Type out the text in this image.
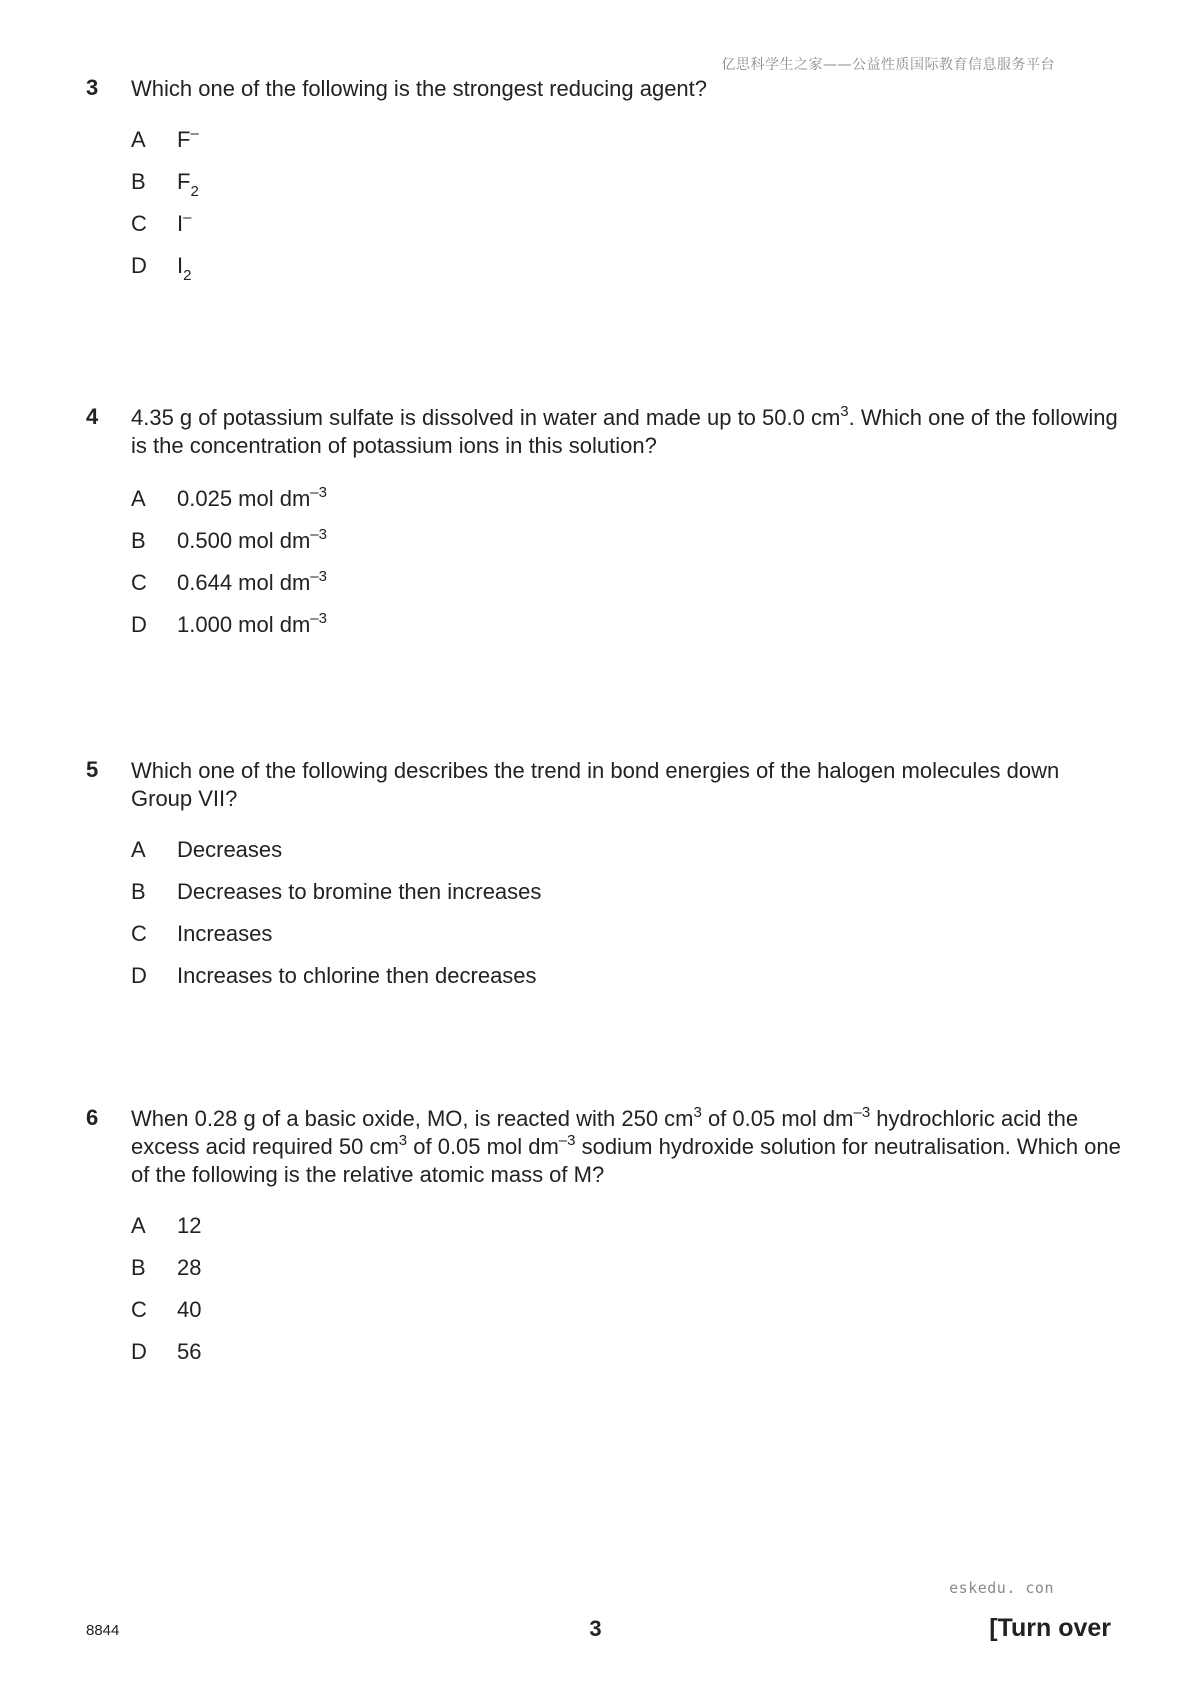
亿思科学生之家——公益性质国际教育信息服务平台
3 Which one of the following is the strongest reducing agent?
A	F–
B	$F_2$
C	I–
D	$I_2$
4 4.35 g of potassium sulfate is dissolved in water and made up to 50.0 $cm^3$. Which one of the following is the concentration of potassium ions in this solution?
A	0.025 mol $dm^{-3}$
B	0.500 mol $dm^{-3}$
C	0.644 mol $dm^{-3}$
D	1.000 mol $dm^{-3}$
5 Which one of the following describes the trend in bond energies of the halogen molecules down Group VII?
A	Decreases
B	Decreases to bromine then increases
C	Increases
D	Increases to chlorine then decreases
6 When 0.28 g of a basic oxide, MO, is reacted with 250 $cm^3$ of 0.05 mol $dm^{-3}$ hydrochloric acid the excess acid required 50 $cm^3$ of 0.05 mol $dm^{-3}$ sodium hydroxide solution for neutralisation. Which one of the following is the relative atomic mass of M?
A	12
B	28
C	40
D	56
eskedu. con
8844	3	[Turn over
